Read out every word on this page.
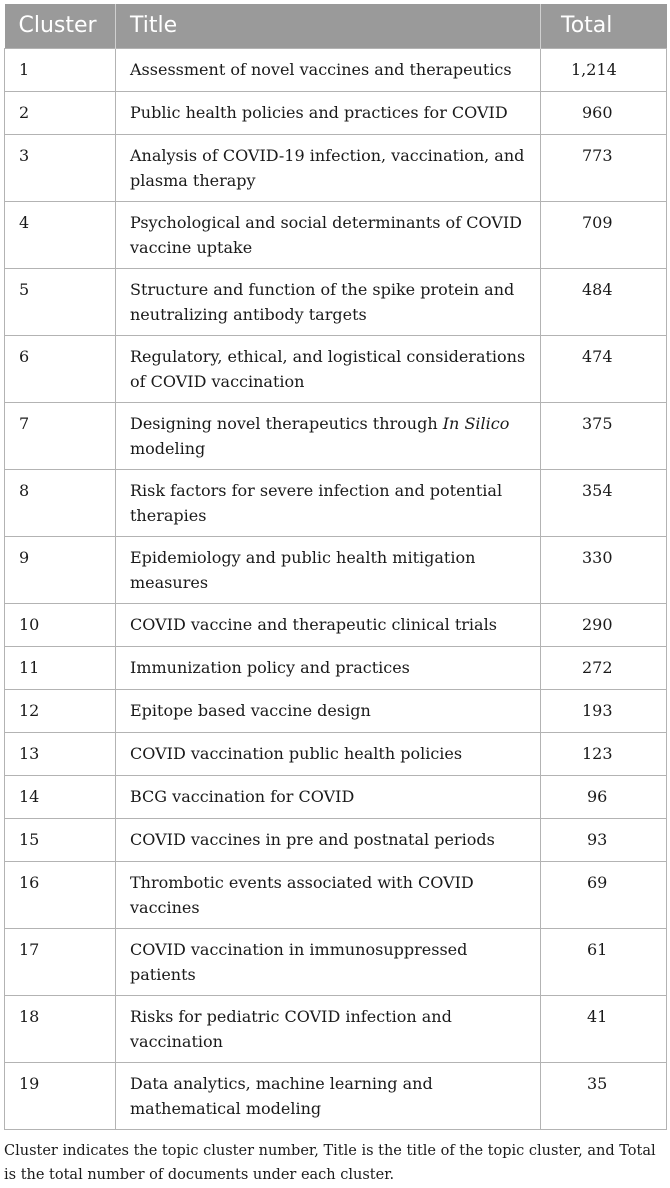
Cluster	Title	Total
1	Assessment of novel vaccines and therapeutics	1,214
2	Public health policies and practices for COVID	960
3	Analysis of COVID-19 infection, vaccination, and plasma therapy	773
4	Psychological and social determinants of COVID vaccine uptake	709
5	Structure and function of the spike protein and neutralizing antibody targets	484
6	Regulatory, ethical, and logistical considerations of COVID vaccination	474
7	Designing novel therapeutics through In Silico modeling	375
8	Risk factors for severe infection and potential therapies	354
9	Epidemiology and public health mitigation measures	330
10	COVID vaccine and therapeutic clinical trials	290
11	Immunization policy and practices	272
12	Epitope based vaccine design	193
13	COVID vaccination public health policies	123
14	BCG vaccination for COVID	96
15	COVID vaccines in pre and postnatal periods	93
16	Thrombotic events associated with COVID vaccines	69
17	COVID vaccination in immunosuppressed patients	61
18	Risks for pediatric COVID infection and vaccination	41
19	Data analytics, machine learning and mathematical modeling	35

Cluster indicates the topic cluster number, Title is the title of the topic cluster, and Total is the total number of documents under each cluster.
